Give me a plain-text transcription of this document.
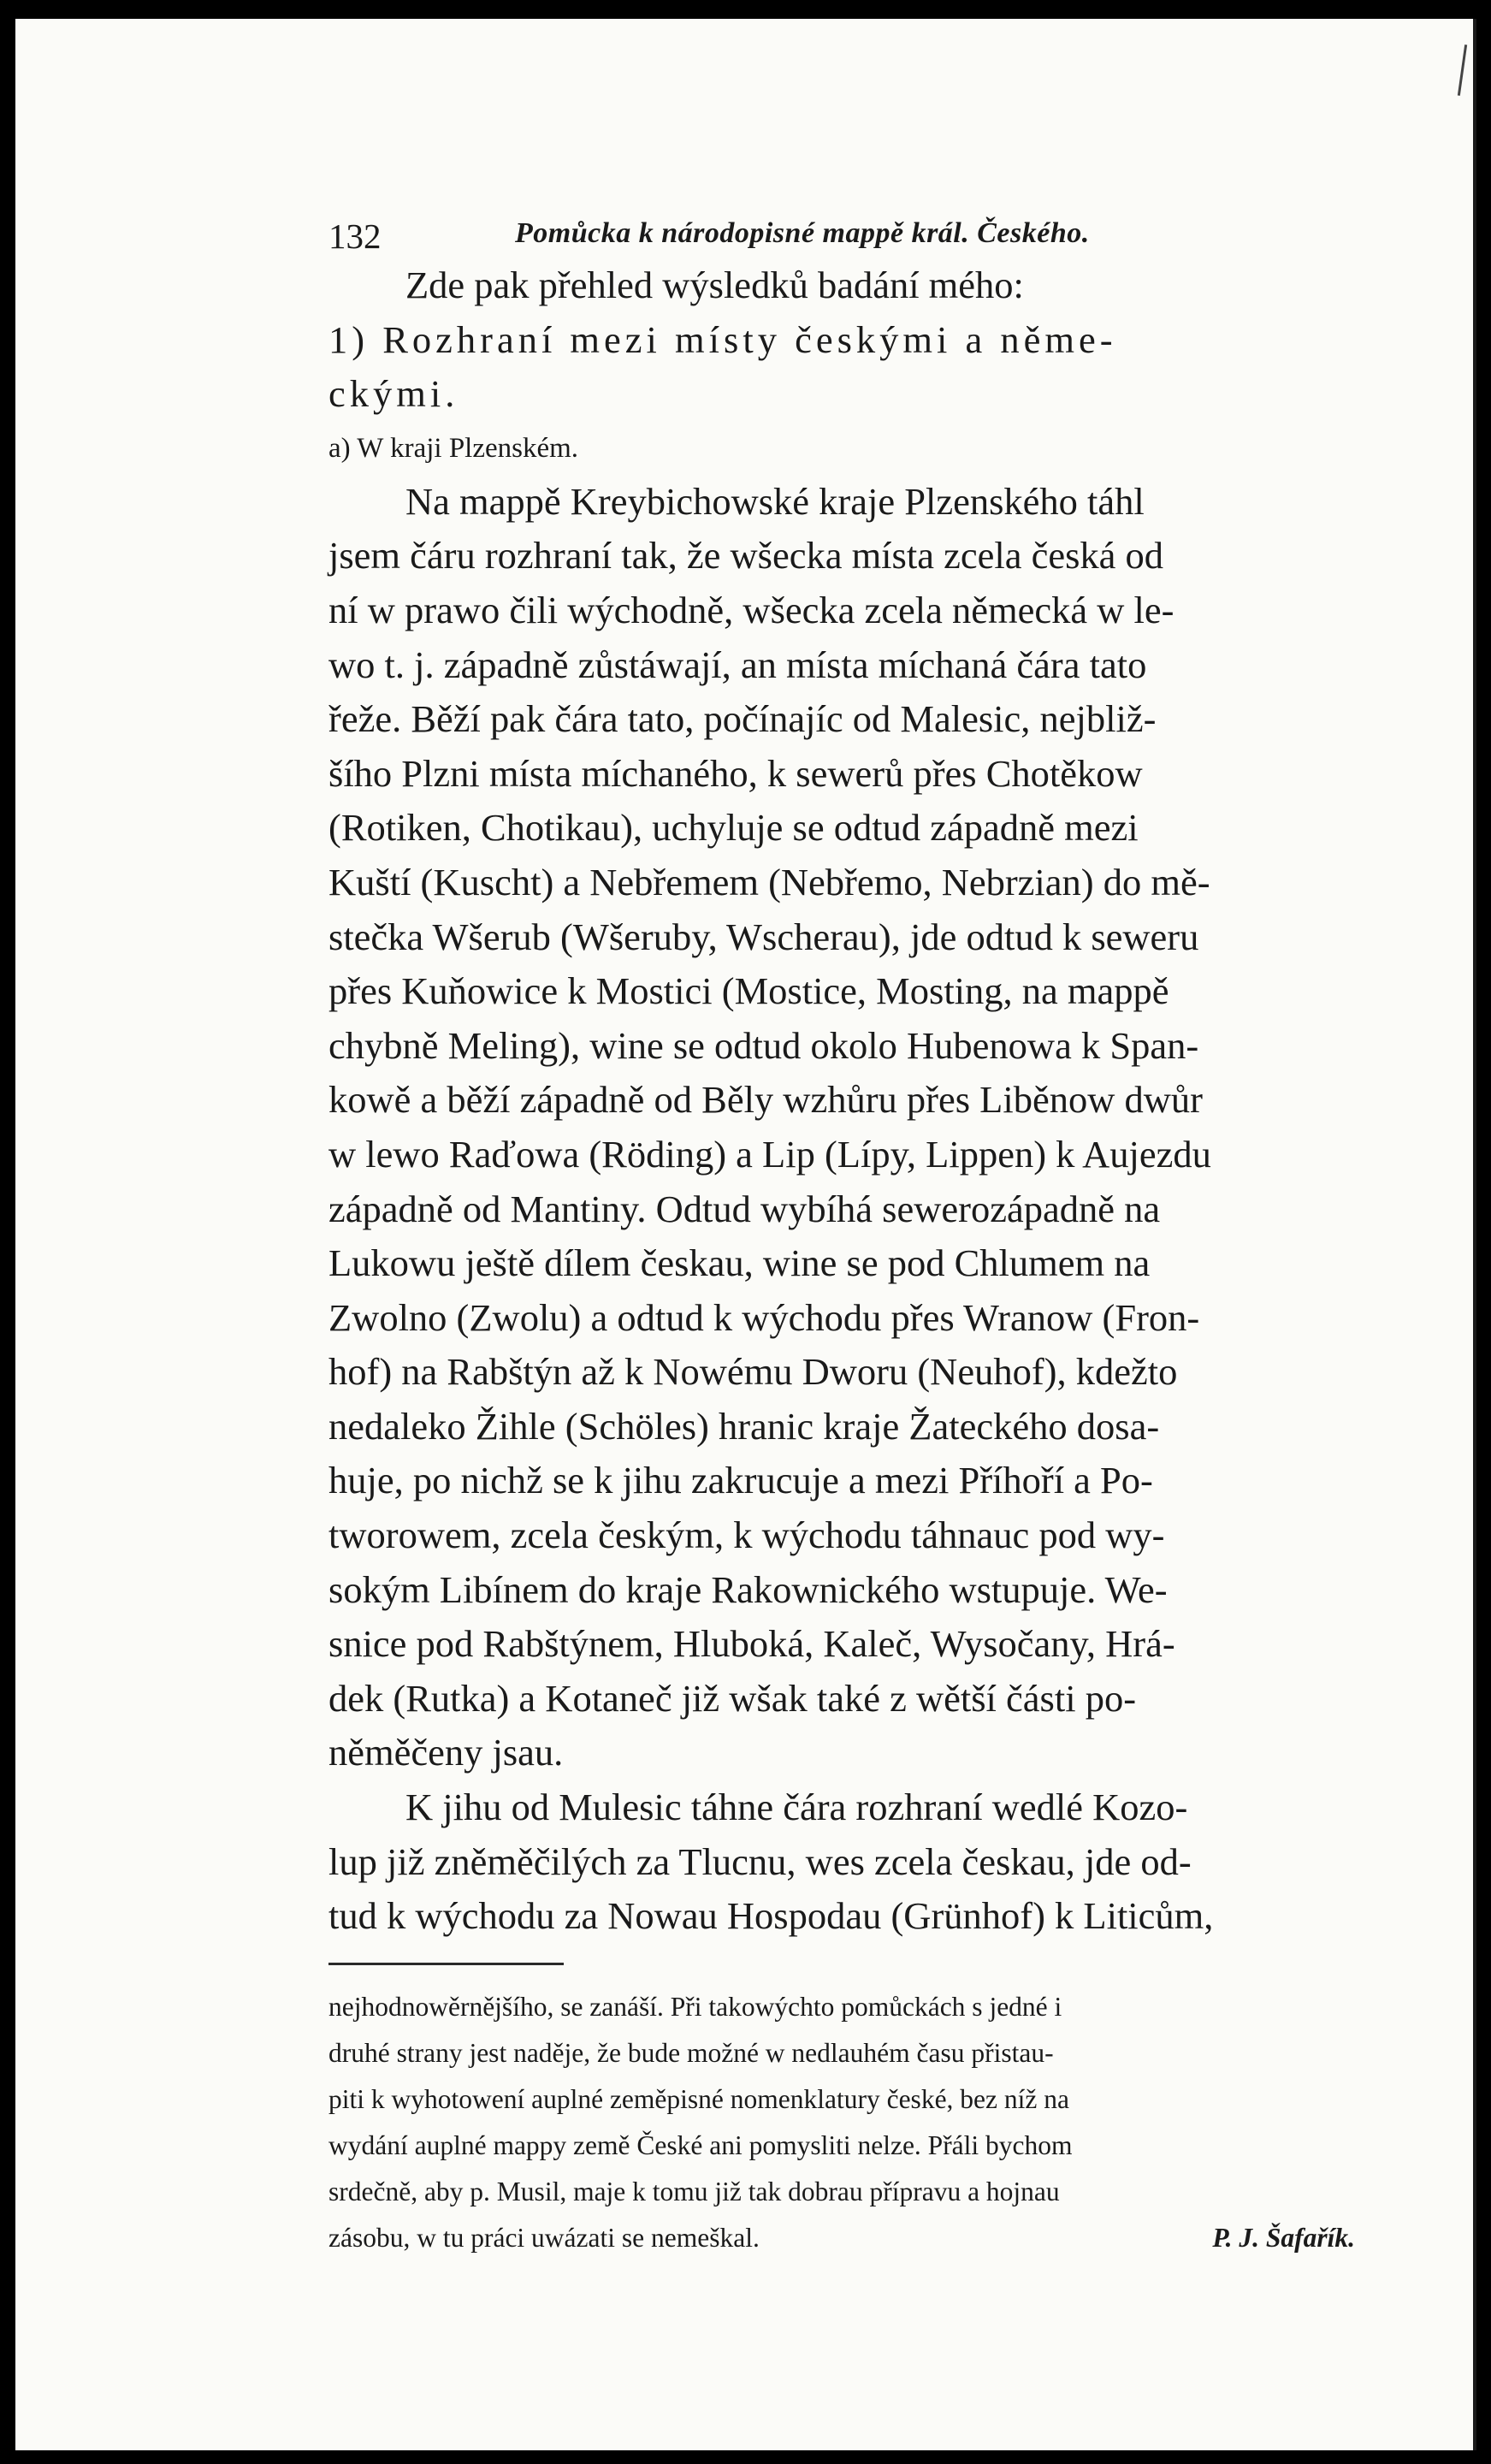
132	Pomůcka k národopisné mappě král. Českého.

Zde pak přehled wýsledků badání mého:

1) Rozhraní mezi místy českými a něme-

ckými.

a) W kraji Plzenském.

Na mappě Kreybichowské kraje Plzenského táhl

jsem čáru rozhraní tak, že wšecka místa zcela česká od

ní w prawo čili wýchodně, wšecka zcela německá w le-

wo t. j. západně zůstáwají, an místa míchaná čára tato

řeže. Běží pak čára tato, počínajíc od Malesic, nejbliž-

šího Plzni místa míchaného, k sewerů přes Chotěkow

(Rotiken, Chotikau), uchyluje se odtud západně mezi

Kuští (Kuscht) a Nebřemem (Nebřemo, Nebrzian) do mě-

stečka Wšerub (Wšeruby, Wscherau), jde odtud k seweru

přes Kuňowice k Mostici (Mostice, Mosting, na mappě

chybně Meling), wine se odtud okolo Hubenowa k Span-

kowě a běží západně od Běly wzhůru přes Liběnow dwůr

w lewo Raďowa (Röding) a Lip (Lípy, Lippen) k Aujezdu

západně od Mantiny. Odtud wybíhá sewerozápadně na

Lukowu ještě dílem českau, wine se pod Chlumem na

Zwolno (Zwolu) a odtud k wýchodu přes Wranow (Fron-

hof) na Rabštýn až k Nowému Dworu (Neuhof), kdežto

nedaleko Žihle (Schöles) hranic kraje Žateckého dosa-

huje, po nichž se k jihu zakrucuje a mezi Příhoří a Po-

tworowem, zcela českým, k wýchodu táhnauc pod wy-

sokým Libínem do kraje Rakownického wstupuje. We-

snice pod Rabštýnem, Hluboká, Kaleč, Wysočany, Hrá-

dek (Rutka) a Kotaneč již wšak také z wětší části po-

něměčeny jsau.

K jihu od Mulesic táhne čára rozhraní wedlé Kozo-

lup již zněměčilých za Tlucnu, wes zcela českau, jde od-

tud k wýchodu za Nowau Hospodau (Grünhof) k Liticům,

nejhodnowěrnějšího, se zanáší. Při takowýchto pomůckách s jedné i
druhé strany jest naděje, že bude možné w nedlauhém času přistau-
piti k wyhotowení auplné zeměpisné nomenklatury české, bez níž na
wydání auplné mappy země České ani pomysliti nelze. Přáli bychom
srdečně, aby p. Musil, maje k tomu již tak dobrau přípravu a hojnau
zásobu, w tu práci uwázati se nemeškal.	P. J. Šafařík.
